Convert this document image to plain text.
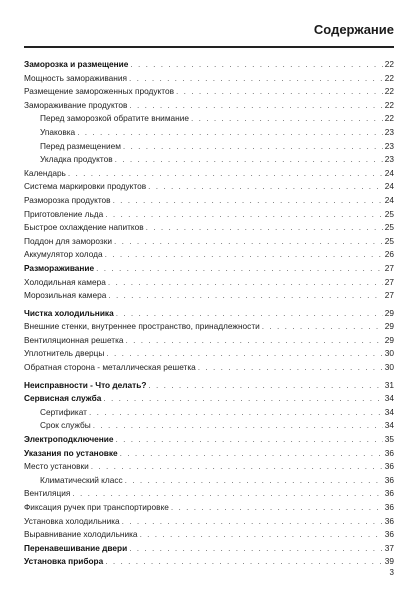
Содержание
Заморозка и размещение . . .	22
Мощность замораживания . . .	22
Размещение замороженных продуктов . . .	22
Замораживание продуктов . . .	22
Перед заморозкой обратите внимание . . .	22
Упаковка . . .	23
Перед размещением . . .	23
Укладка продуктов . . .	23
Календарь . . .	24
Система маркировки продуктов . . .	24
Разморозка продуктов . . .	24
Приготовление льда . . .	25
Быстрое охлаждение напитков . . .	25
Поддон для заморозки . . .	25
Аккумулятор холода . . .	26
Размораживание . . .	27
Холодильная камера . . .	27
Морозильная камера . . .	27
Чистка холодильника . . .	29
Внешние стенки, внутреннее пространство, принадлежности . . .	29
Вентиляционная решетка . . .	29
Уплотнитель дверцы . . .	30
Обратная сторона - металлическая решетка . . .	30
Неисправности - Что делать? . . .	31
Сервисная служба . . .	34
Сертификат . . .	34
Срок службы . . .	34
Электроподключение . . .	35
Указания по установке . . .	36
Место установки . . .	36
Климатический класс . . .	36
Вентиляция . . .	36
Фиксация ручек при транспортировке . . .	36
Установка холодильника . . .	36
Выравнивание холодильника . . .	36
Перенавешивание двери . . .	37
Установка прибора . . .	39
3
